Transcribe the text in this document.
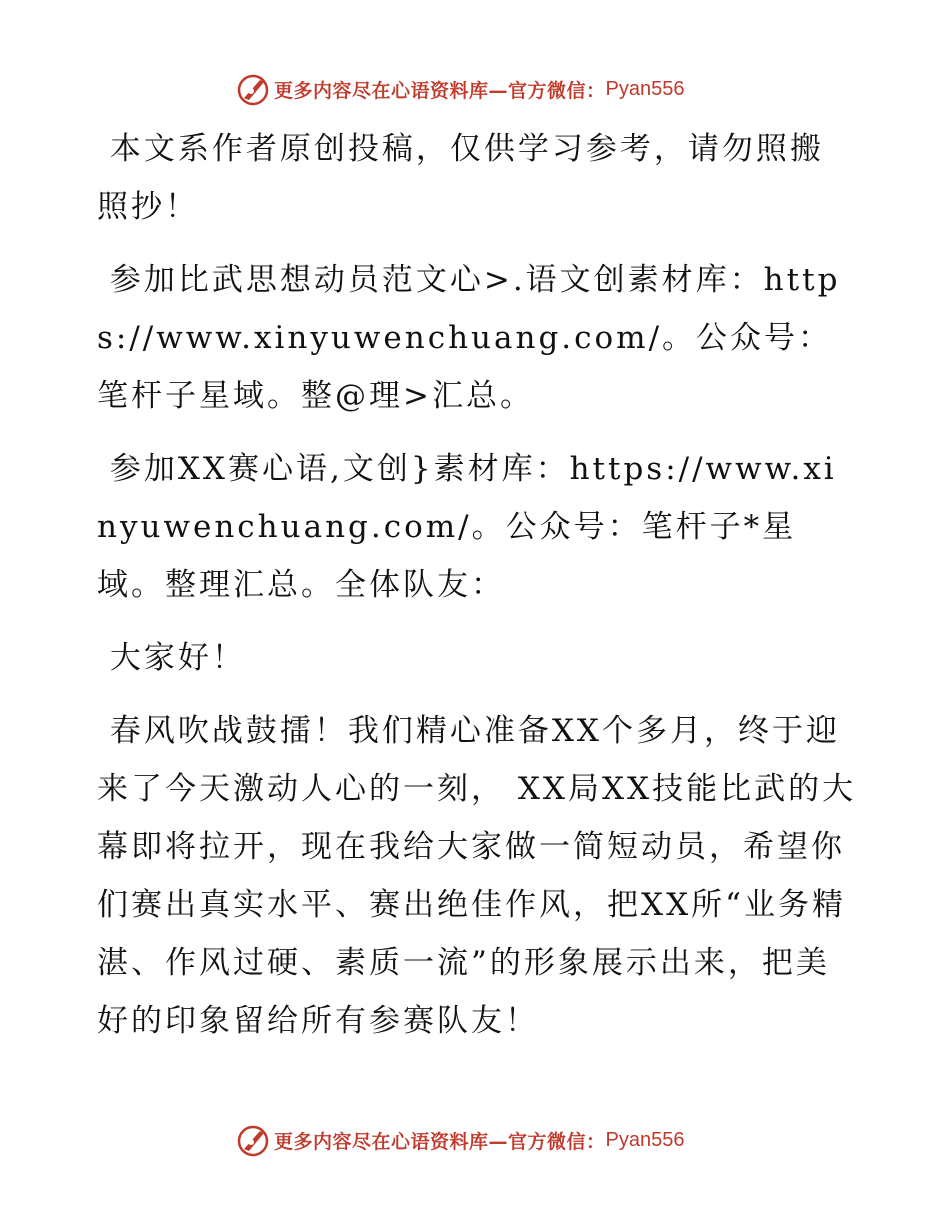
更多内容尽在心语资料库—官方微信： Pyan556

本文系作者原创投稿，仅供学习参考，请勿照搬照抄！

参加比武思想动员范文心>.语文创素材库：https://www.xinyuwenchuang.com/。公众号：笔杆子星域。整@理>汇总。

参加XX赛心语,文创}素材库：https://www.xinyuwenchuang.com/。公众号：笔杆子*星域。整理汇总。全体队友：

大家好！

春风吹战鼓擂！我们精心准备XX个多月，终于迎来了今天激动人心的一刻， XX局XX技能比武的大幕即将拉开，现在我给大家做一简短动员，希望你们赛出真实水平、赛出绝佳作风，把XX所“业务精湛、作风过硬、素质一流”的形象展示出来，把美好的印象留给所有参赛队友！

更多内容尽在心语资料库—官方微信： Pyan556
